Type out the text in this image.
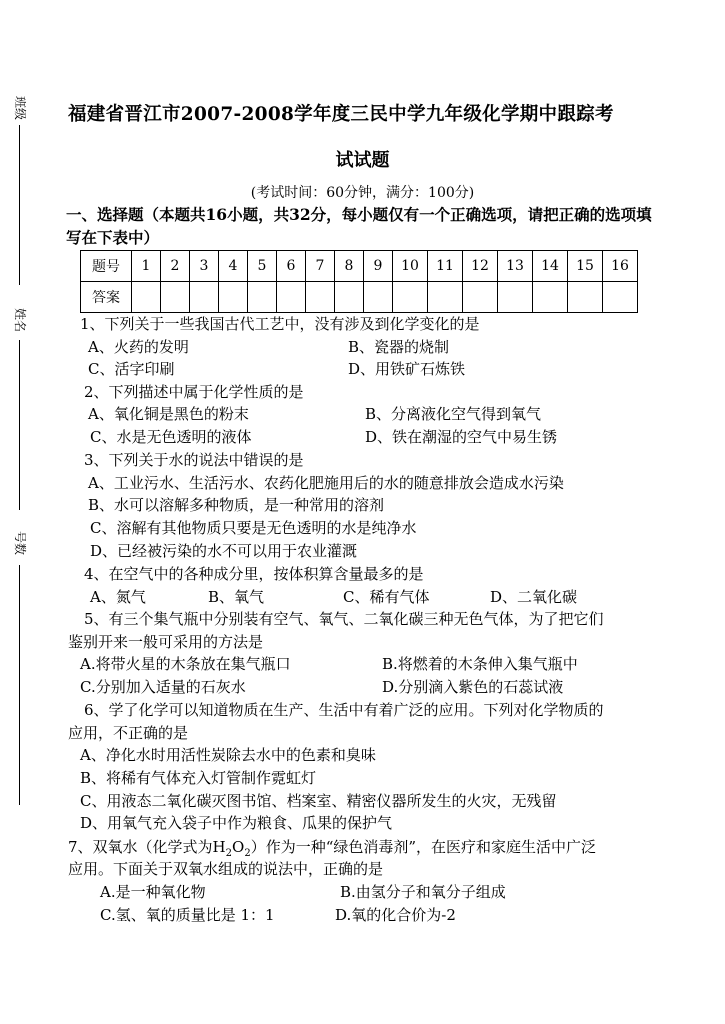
班级
姓名
号数
福建省晋江市2007-2008学年度三民中学九年级化学期中跟踪考
试试题
(考试时间：60分钟，满分：100分)
一、选择题（本题共16小题，共32分，每小题仅有一个正确选项，请把正确的选项填写在下表中）
题号	1	2	3	4	5	6	7	8	9	10	11	12	13	14	15	16
答案																
1、下列关于一些我国古代工艺中，没有涉及到化学变化的是
A、火药的发明	B、瓷器的烧制
C、活字印刷	D、用铁矿石炼铁
2、下列描述中属于化学性质的是
A、氧化铜是黑色的粉末	B、分离液化空气得到氧气
C、水是无色透明的液体	D、铁在潮湿的空气中易生锈
3、下列关于水的说法中错误的是
A、工业污水、生活污水、农药化肥施用后的水的随意排放会造成水污染
B、水可以溶解多种物质，是一种常用的溶剂
C、溶解有其他物质只要是无色透明的水是纯净水
D、已经被污染的水不可以用于农业灌溉
4、在空气中的各种成分里，按体积算含量最多的是
A、氮气	B、氧气	C、稀有气体	D、二氧化碳
5、有三个集气瓶中分别装有空气、氧气、二氧化碳三种无色气体，为了把它们
鉴别开来一般可采用的方法是
A.将带火星的木条放在集气瓶口	B.将燃着的木条伸入集气瓶中
C.分别加入适量的石灰水	D.分别滴入紫色的石蕊试液
6、学了化学可以知道物质在生产、生活中有着广泛的应用。下列对化学物质的
应用，不正确的是
A、净化水时用活性炭除去水中的色素和臭味
B、将稀有气体充入灯管制作霓虹灯
C、用液态二氧化碳灭图书馆、档案室、精密仪器所发生的火灾，无残留
D、用氧气充入袋子中作为粮食、瓜果的保护气
7、双氧水（化学式为$H_2O_2$）作为一种“绿色消毒剂”，在医疗和家庭生活中广泛
应用。下面关于双氧水组成的说法中，正确的是
A.是一种氧化物	B.由氢分子和氧分子组成
C.氢、氧的质量比是 1：1	D.氧的化合价为-2
